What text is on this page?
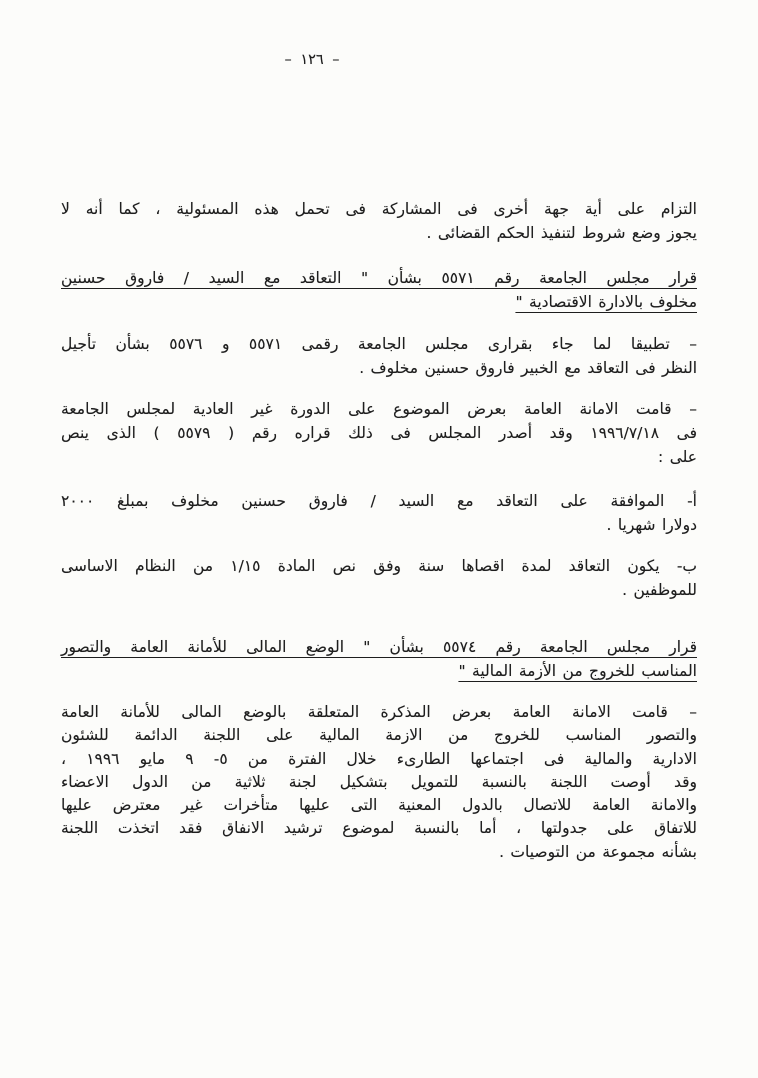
– ١٢٦ –
التزام على أية جهة أخرى فى المشاركة فى تحمل هذه المسئولية ، كما أنه لا
يجوز وضع شروط لتنفيذ الحكم القضائى .
قرار مجلس الجامعة رقم ٥٥٧١ بشأن " التعاقد مع السيد / فاروق حسنين
مخلوف بالادارة الاقتصادية "
– تطبيقا لما جاء بقرارى مجلس الجامعة رقمى ٥٥٧١ و ٥٥٧٦ بشأن تأجيل
النظر فى التعاقد مع الخبير فاروق حسنين مخلوف .
– قامت الامانة العامة بعرض الموضوع على الدورة غير العادية لمجلس الجامعة
فى ١٩٩٦/٧/١٨ وقد أصدر المجلس فى ذلك قراره رقم ( ٥٥٧٩ ) الذى ينص
على :
أ- الموافقة على التعاقد مع السيد / فاروق حسنين مخلوف بمبلغ ٢٠٠٠
دولارا شهريا .
ب- يكون التعاقد لمدة اقصاها سنة وفق نص المادة ١/١٥ من النظام الاساسى
للموظفين .
قرار مجلس الجامعة رقم ٥٥٧٤ بشأن " الوضع المالى للأمانة العامة والتصور
المناسب للخروج من الأزمة المالية "
– قامت الامانة العامة بعرض المذكرة المتعلقة بالوضع المالى للأمانة العامة
والتصور المناسب للخروج من الازمة المالية على اللجنة الدائمة للشئون
الادارية والمالية فى اجتماعها الطارىء خلال الفترة من ٥- ٩ مايو ١٩٩٦ ،
وقد أوصت اللجنة بالنسبة للتمويل بتشكيل لجنة ثلاثية من الدول الاعضاء
والامانة العامة للاتصال بالدول المعنية التى عليها متأخرات غير معترض عليها
للاتفاق على جدولتها ، أما بالنسبة لموضوع ترشيد الانفاق فقد اتخذت اللجنة
بشأنه مجموعة من التوصيات .
